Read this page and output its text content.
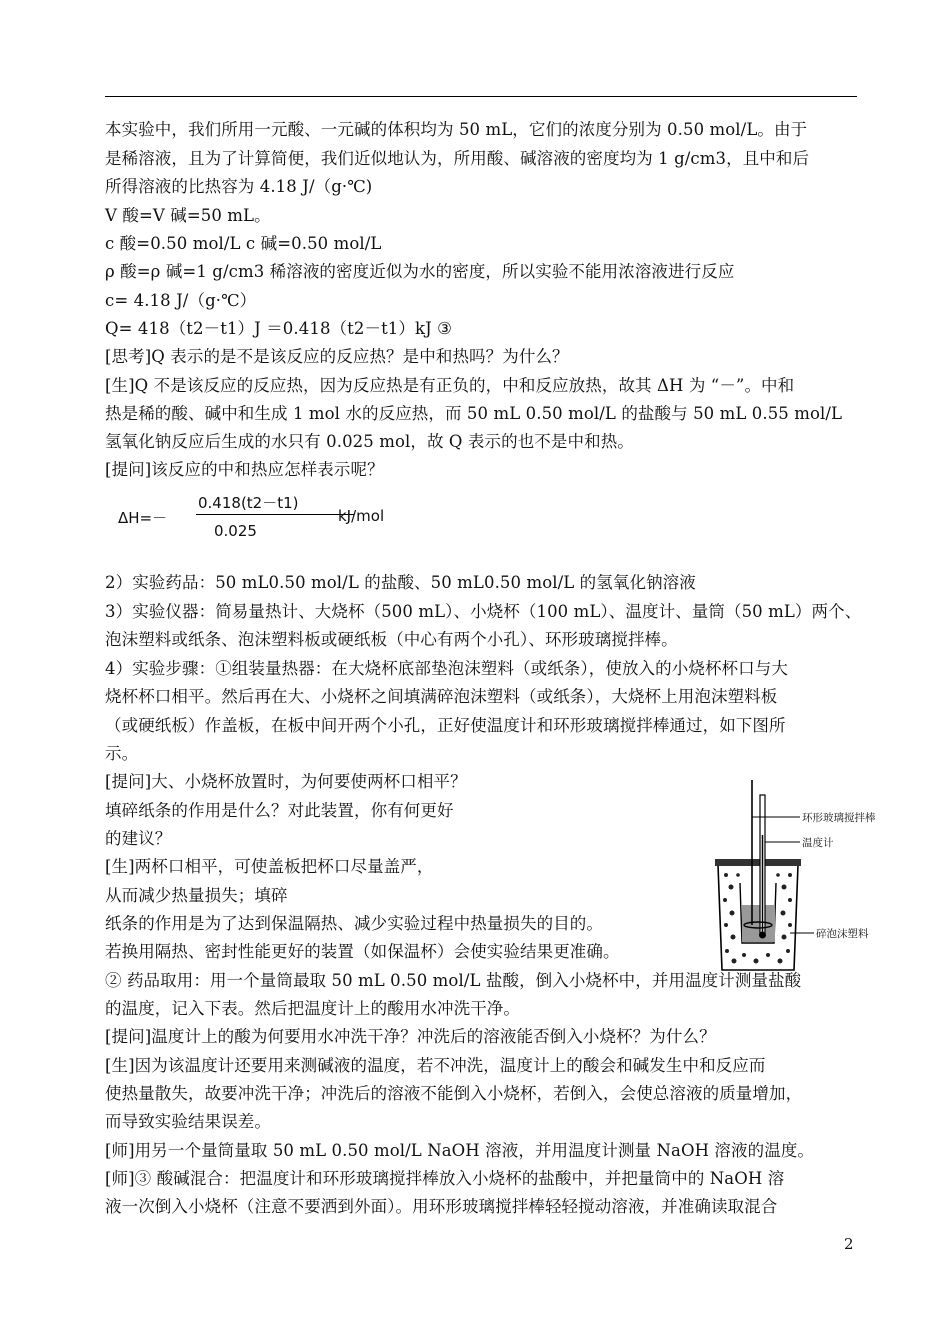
本实验中，我们所用一元酸、一元碱的体积均为 50 mL，它们的浓度分别为 0.50 mol/L。由于
是稀溶液，且为了计算简便，我们近似地认为，所用酸、碱溶液的密度均为 1 g/cm3，且中和后
所得溶液的比热容为 4.18 J/（g·℃)
V 酸=V 碱=50 mL。
c 酸=0.50 mol/L c 碱=0.50 mol/L
ρ 酸=ρ 碱=1 g/cm3 稀溶液的密度近似为水的密度，所以实验不能用浓溶液进行反应
c= 4.18 J/（g·℃）
Q= 418（t2－t1）J ＝0.418（t2－t1）kJ ③
[思考]Q 表示的是不是该反应的反应热？是中和热吗？为什么？
[生]Q 不是该反应的反应热，因为反应热是有正负的，中和反应放热，故其 ΔH 为 “－”。中和
热是稀的酸、碱中和生成 1 mol 水的反应热，而 50 mL 0.50 mol/L 的盐酸与 50 mL 0.55 mol/L
氢氧化钠反应后生成的水只有 0.025 mol，故 Q 表示的也不是中和热。
[提问]该反应的中和热应怎样表示呢？
ΔH=－
0.418(t2－t1)
0.025
kJ/mol
2）实验药品：50 mL0.50 mol/L 的盐酸、50 mL0.50 mol/L 的氢氧化钠溶液
3）实验仪器：简易量热计、大烧杯（500 mL）、小烧杯（100 mL）、温度计、量筒（50 mL）两个、
泡沫塑料或纸条、泡沫塑料板或硬纸板（中心有两个小孔）、环形玻璃搅拌棒。
4）实验步骤：①组装量热器：在大烧杯底部垫泡沫塑料（或纸条），使放入的小烧杯杯口与大
烧杯杯口相平。然后再在大、小烧杯之间填满碎泡沫塑料（或纸条），大烧杯上用泡沫塑料板
（或硬纸板）作盖板，在板中间开两个小孔，正好使温度计和环形玻璃搅拌棒通过，如下图所
示。
[提问]大、小烧杯放置时，为何要使两杯口相平？
填碎纸条的作用是什么？对此装置，你有何更好
的建议？
[生]两杯口相平，可使盖板把杯口尽量盖严，
从而减少热量损失；填碎
纸条的作用是为了达到保温隔热、减少实验过程中热量损失的目的。
若换用隔热、密封性能更好的装置（如保温杯）会使实验结果更准确。
环形玻璃搅拌棒
温度计
碎泡沫塑料
② 药品取用：用一个量筒最取 50 mL 0.50 mol/L 盐酸，倒入小烧杯中，并用温度计测量盐酸
的温度，记入下表。然后把温度计上的酸用水冲洗干净。
[提问]温度计上的酸为何要用水冲洗干净？冲洗后的溶液能否倒入小烧杯？为什么？
[生]因为该温度计还要用来测碱液的温度，若不冲洗，温度计上的酸会和碱发生中和反应而
使热量散失，故要冲洗干净；冲洗后的溶液不能倒入小烧杯，若倒入，会使总溶液的质量增加，
而导致实验结果误差。
[师]用另一个量筒量取 50 mL 0.50 mol/L NaOH 溶液，并用温度计测量 NaOH 溶液的温度。
[师]③ 酸碱混合：把温度计和环形玻璃搅拌棒放入小烧杯的盐酸中，并把量筒中的 NaOH 溶
液一次倒入小烧杯（注意不要洒到外面）。用环形玻璃搅拌棒轻轻搅动溶液，并准确读取混合
2
